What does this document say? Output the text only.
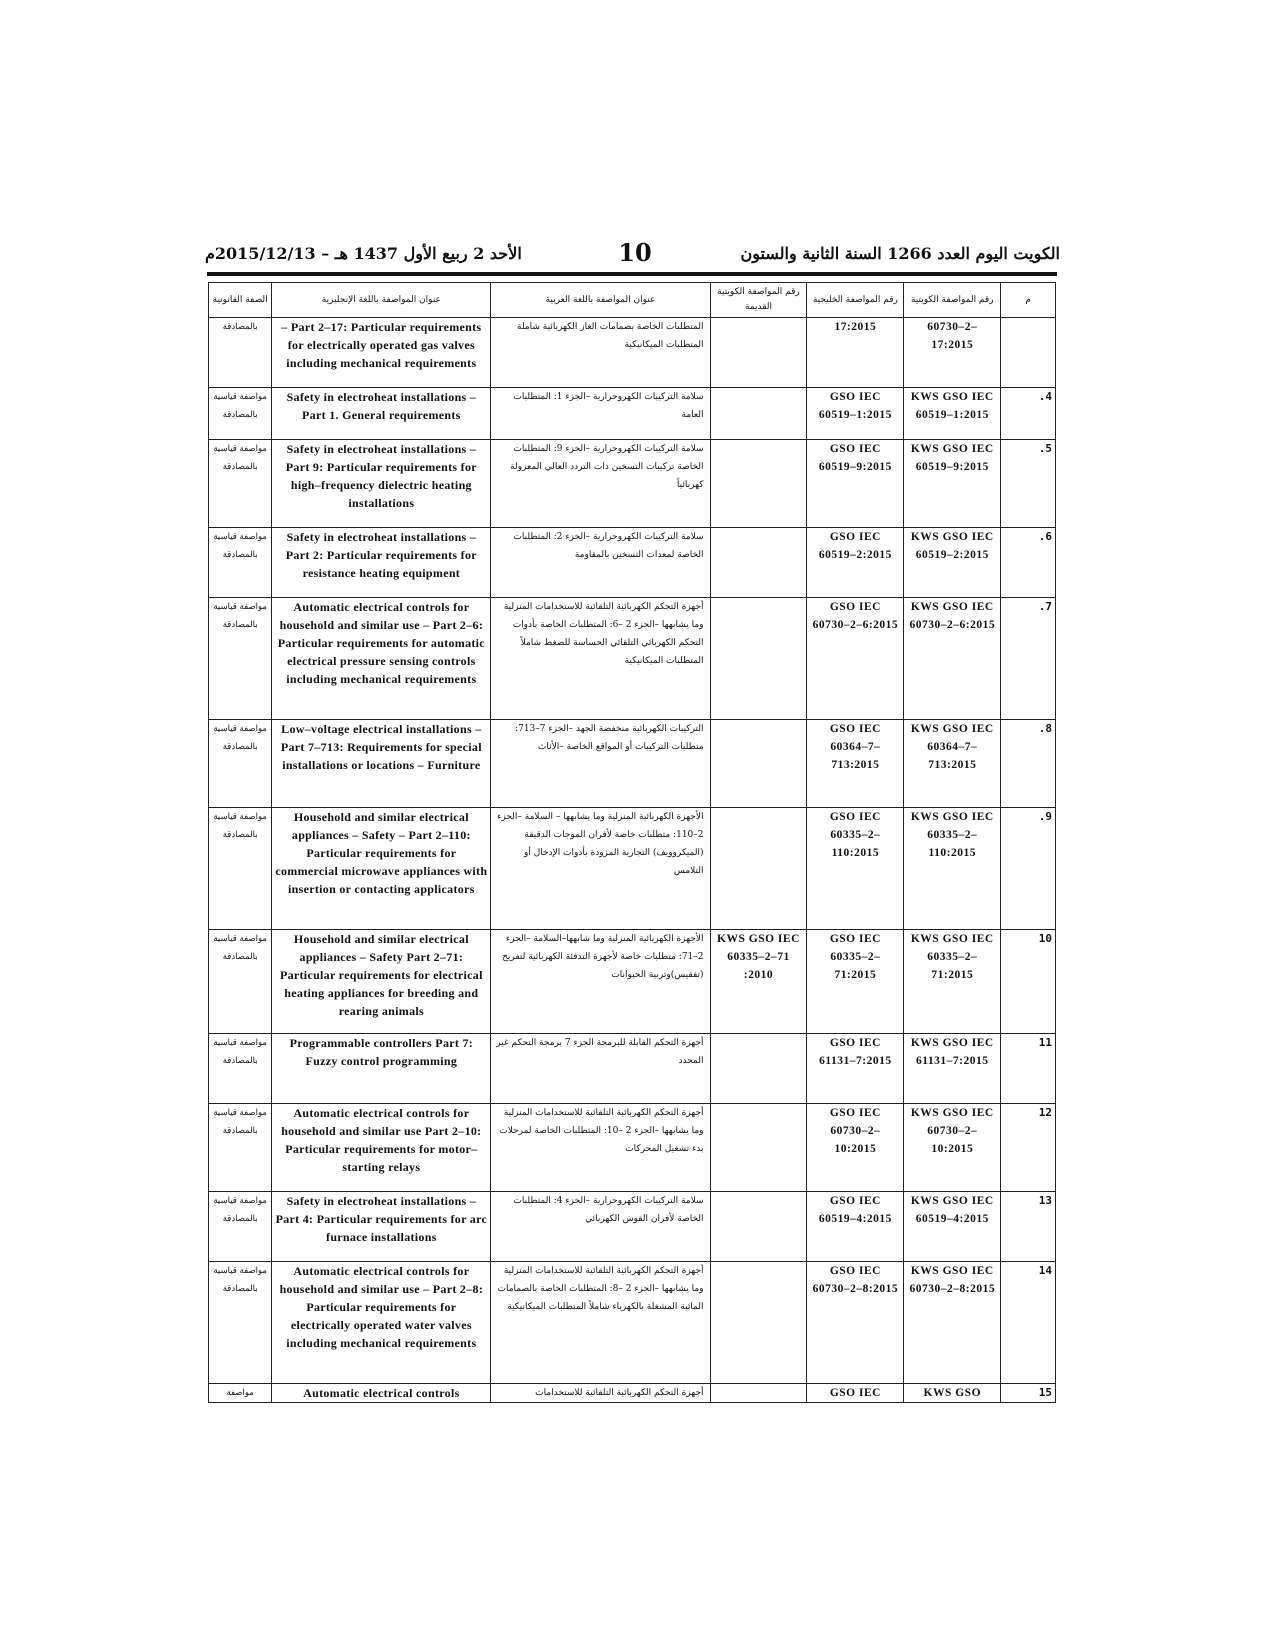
الكويت اليوم العدد 1266 السنة الثانية والستون
10
الأحد 2 ربيع الأول 1437 هـ – 2015/12/13م
م	رقم المواصفة الكويتية	رقم المواصفة الخليجية	رقم المواصفة الكويتية القديمة	عنوان المواصفة باللغة العربية	عنوان المواصفة باللغة الإنجليزية	الصفة القانونية
	60730–2–17:2015	17:2015		المتطلبات الخاصة بصمامات الغاز الكهربائية شاملة المتطلبات الميكانيكية	– Part 2–17: Particular requirements for electrically operated gas valves including mechanical requirements	بالمصادقة
.4	KWS GSO IEC 60519–1:2015	GSO IEC 60519–1:2015		سلامة التركيبات الكهروحرارية –الجزء 1: المتطلبات العامة	Safety in electroheat installations – Part 1. General requirements	مواصفة قياسية بالمصادقة
.5	KWS GSO IEC 60519–9:2015	GSO IEC 60519–9:2015		سلامة التركيبات الكهروحرارية –الجزء 9: المتطلبات الخاصة تركيبات التسخين ذات التردد العالي المعزولة كهربائياً	Safety in electroheat installations – Part 9: Particular requirements for high–frequency dielectric heating installations	مواصفة قياسية بالمصادقة
.6	KWS GSO IEC 60519–2:2015	GSO IEC 60519–2:2015		سلامة التركيبات الكهروحرارية –الجزء 2: المتطلبات الخاصة لمعدات التسخين بالمقاومة	Safety in electroheat installations – Part 2: Particular requirements for resistance heating equipment	مواصفة قياسية بالمصادقة
.7	KWS GSO IEC 60730–2–6:2015	GSO IEC 60730–2–6:2015		أجهزة التحكم الكهربائية التلقائية للاستخدامات المنزلية وما يشابهها –الجزء 2 –6: المتطلبات الخاصة بأدوات التحكم الكهربائي التلقائي الحساسة للضغط شاملاً المتطلبات الميكانيكية	Automatic electrical controls for household and similar use – Part 2–6: Particular requirements for automatic electrical pressure sensing controls including mechanical requirements	مواصفة قياسية بالمصادقة
.8	KWS GSO IEC 60364–7–713:2015	GSO IEC 60364–7–713:2015		التركيبات الكهربائية منخفضة الجهد –الجزء 7–713: متطلبات التركيبات أو المواقع الخاصة –الأثاث	Low–voltage electrical installations – Part 7–713: Requirements for special installations or locations – Furniture	مواصفة قياسية بالمصادقة
.9	KWS GSO IEC 60335–2–110:2015	GSO IEC 60335–2–110:2015		الأجهزة الكهربائية المنزلية وما يشابهها – السلامة –الجزء 2–110: متطلبات خاصة لأفران الموجات الدقيقة (الميكروويف) التجارية المزودة بأدوات الإدخال أو التلامس	Household and similar electrical appliances – Safety – Part 2–110: Particular requirements for commercial microwave appliances with insertion or contacting applicators	مواصفة قياسية بالمصادقة
10	KWS GSO IEC 60335–2–71:2015	GSO IEC 60335–2–71:2015	KWS GSO IEC 60335–2–71 :2010	الأجهزة الكهربائية المنزلية وما شابهها–السلامة –الجزء 2–71: متطلبات خاصة لأجهزة التدفئة الكهربائية لتفريخ (تفقيس)وتربية الحيوانات	Household and similar electrical appliances – Safety Part 2–71: Particular requirements for electrical heating appliances for breeding and rearing animals	مواصفة قياسية بالمصادقة
11	KWS GSO IEC 61131–7:2015	GSO IEC 61131–7:2015		أجهزة التحكم القابلة للبرمجة الجزء 7 برمجة التحكم غير المحدد	Programmable controllers Part 7: Fuzzy control programming	مواصفة قياسية بالمصادقة
12	KWS GSO IEC 60730–2–10:2015	GSO IEC 60730–2–10:2015		أجهزة التحكم الكهربائية التلقائية للاستخدامات المنزلية وما يشابهها –الجزء 2 –10: المتطلبات الخاصة لمرحلات بدء تشغيل المحركات	Automatic electrical controls for household and similar use Part 2–10: Particular requirements for motor–starting relays	مواصفة قياسية بالمصادقة
13	KWS GSO IEC 60519–4:2015	GSO IEC 60519–4:2015		سلامة التركيبات الكهروحرارية –الجزء 4: المتطلبات الخاصة لأفران القوس الكهربائي	Safety in electroheat installations – Part 4: Particular requirements for arc furnace installations	مواصفة قياسية بالمصادقة
14	KWS GSO IEC 60730–2–8:2015	GSO IEC 60730–2–8:2015		أجهزة التحكم الكهربائية التلقائية للاستخدامات المنزلية وما يشابهها –الجزء 2 –8: المتطلبات الخاصة بالصمامات المائية المشغلة بالكهرباء شاملاً المتطلبات الميكانيكية	Automatic electrical controls for household and similar use – Part 2–8: Particular requirements for electrically operated water valves including mechanical requirements	مواصفة قياسية بالمصادقة
15	KWS GSO	GSO IEC		أجهزة التحكم الكهربائية التلقائية للاستخدامات	Automatic electrical controls	مواصفة
